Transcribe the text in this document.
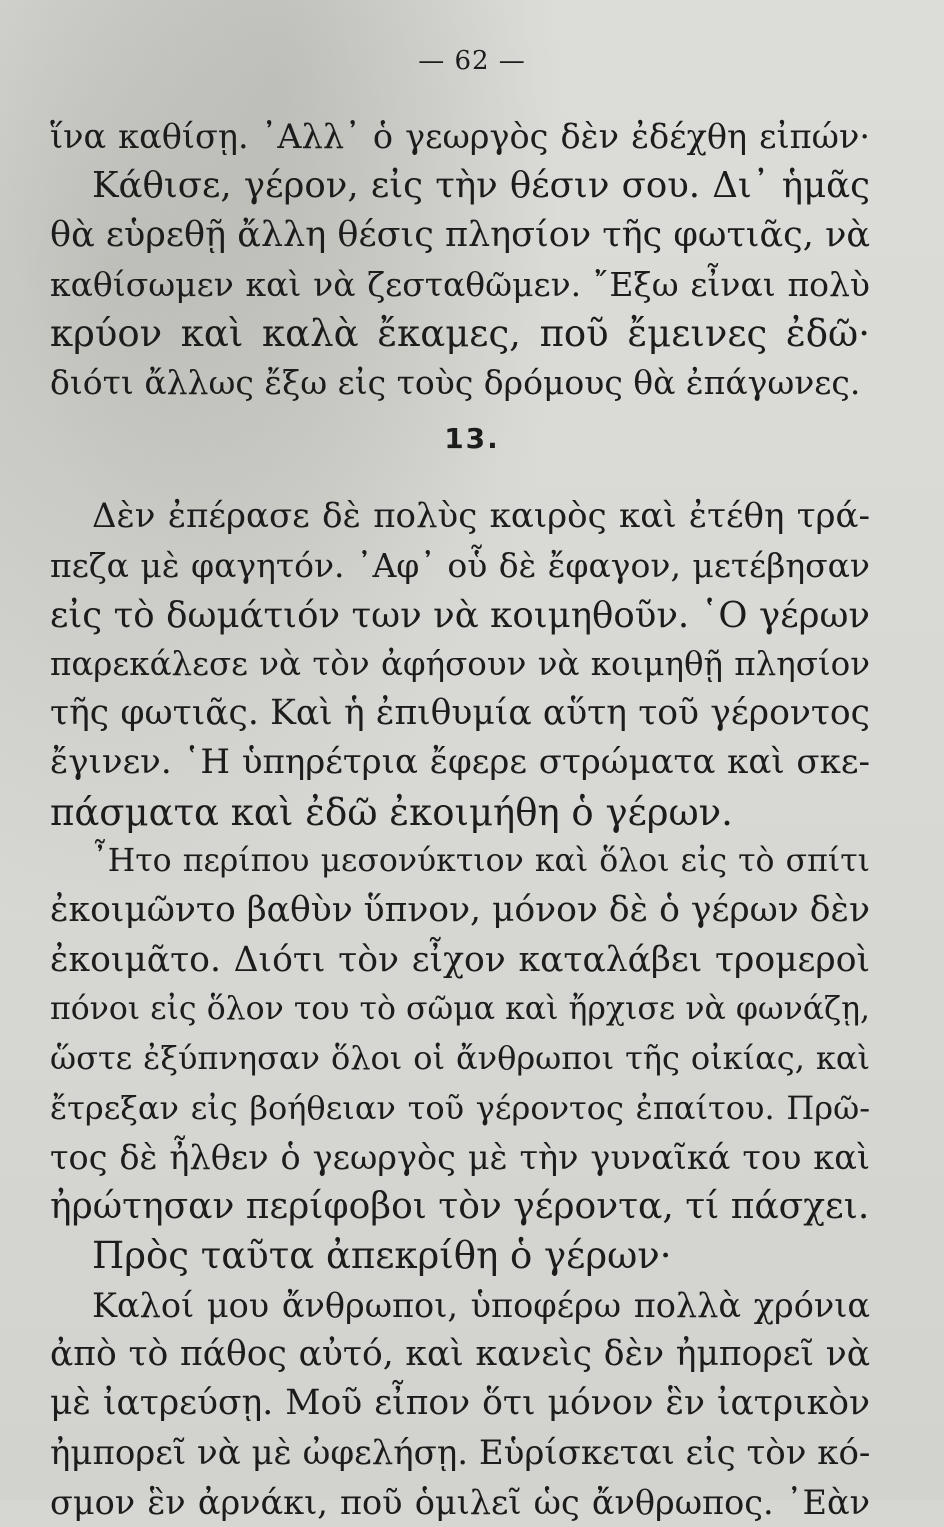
— 62 —
ἵνα καθίσῃ. ᾿Αλλ᾿ ὁ γεωργὸς δὲν ἐδέχθη εἰπών·
Κάθισε, γέρον, εἰς τὴν θέσιν σου. Δι᾿ ἡμᾶς
θὰ εὑρεθῇ ἄλλη θέσις πλησίον τῆς φωτιᾶς, νὰ
καθίσωμεν καὶ νὰ ζεσταθῶμεν. ῎Εξω εἶναι πολὺ
κρύον καὶ καλὰ ἔκαμες, ποῦ ἔμεινες ἐδῶ·
διότι ἄλλως ἔξω εἰς τοὺς δρόμους θὰ ἐπάγωνες.
13.
Δὲν ἐπέρασε δὲ πολὺς καιρὸς καὶ ἐτέθη τρά-
πεζα μὲ φαγητόν. ᾿Αφ᾿ οὗ δὲ ἔφαγον, μετέβησαν
εἰς τὸ δωμάτιόν των νὰ κοιμηθοῦν. ῾Ο γέρων
παρεκάλεσε νὰ τὸν ἀφήσουν νὰ κοιμηθῇ πλησίον
τῆς φωτιᾶς. Καὶ ἡ ἐπιθυμία αὕτη τοῦ γέροντος
ἔγινεν. ῾Η ὑπηρέτρια ἔφερε στρώματα καὶ σκε-
πάσματα καὶ ἐδῶ ἐκοιμήθη ὁ γέρων.
῏Ητο περίπου μεσονύκτιον καὶ ὅλοι εἰς τὸ σπίτι
ἐκοιμῶντο βαθὺν ὕπνον, μόνον δὲ ὁ γέρων δὲν
ἐκοιμᾶτο. Διότι τὸν εἶχον καταλάβει τρομεροὶ
πόνοι εἰς ὅλον του τὸ σῶμα καὶ ἤρχισε νὰ φωνάζῃ,
ὥστε ἐξύπνησαν ὅλοι οἱ ἄνθρωποι τῆς οἰκίας, καὶ
ἔτρεξαν εἰς βοήθειαν τοῦ γέροντος ἐπαίτου. Πρῶ-
τος δὲ ἦλθεν ὁ γεωργὸς μὲ τὴν γυναῖκά του καὶ
ἠρώτησαν περίφοβοι τὸν γέροντα, τί πάσχει.
Πρὸς ταῦτα ἀπεκρίθη ὁ γέρων·
Καλοί μου ἄνθρωποι, ὑποφέρω πολλὰ χρόνια
ἀπὸ τὸ πάθος αὐτό, καὶ κανεὶς δὲν ἠμπορεῖ νὰ
μὲ ἰατρεύσῃ. Μοῦ εἶπον ὅτι μόνον ἓν ἰατρικὸν
ἠμπορεῖ νὰ μὲ ὠφελήσῃ. Εὑρίσκεται εἰς τὸν κό-
σμον ἓν ἀρνάκι, ποῦ ὁμιλεῖ ὡς ἄνθρωπος. ᾿Εὰν
